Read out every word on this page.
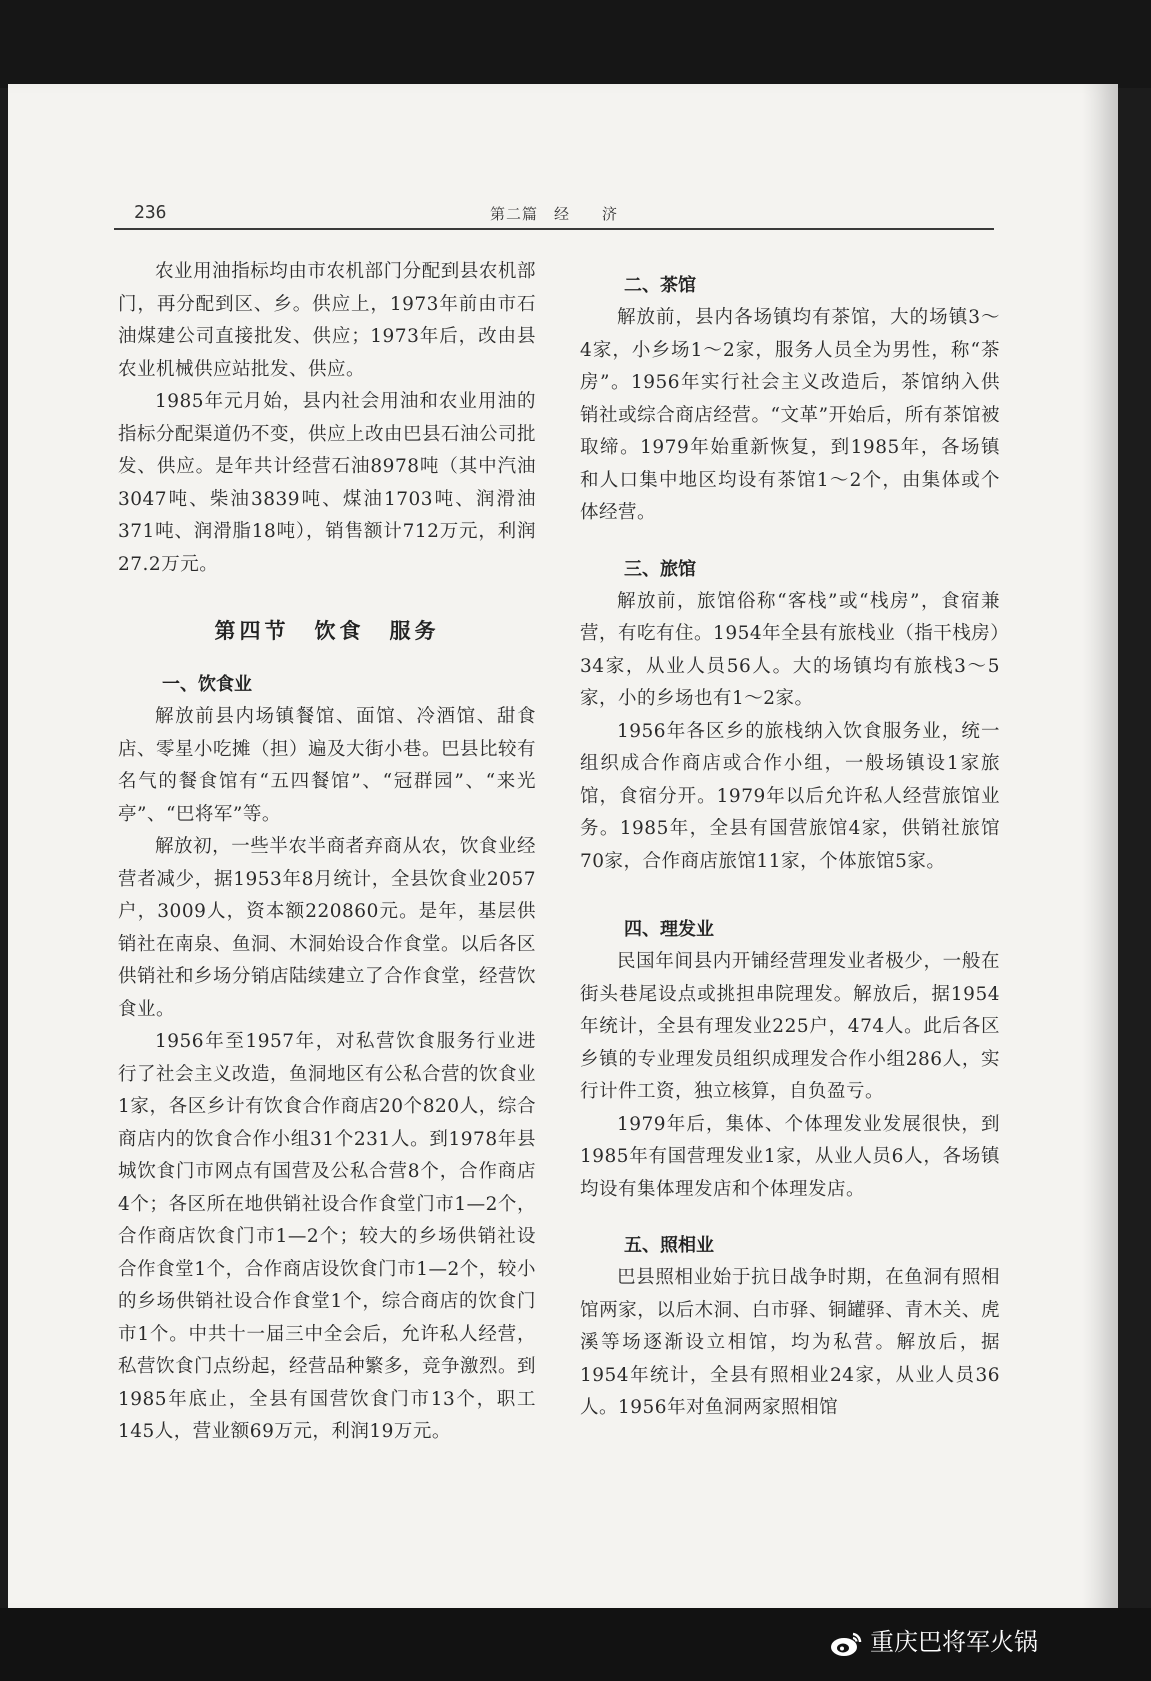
236	第二篇　经　　济

农业用油指标均由市农机部门分配到县农机部门，再分配到区、乡。供应上，1973年前由市石油煤建公司直接批发、供应；1973年后，改由县农业机械供应站批发、供应。

1985年元月始，县内社会用油和农业用油的指标分配渠道仍不变，供应上改由巴县石油公司批发、供应。是年共计经营石油8978吨（其中汽油3047吨、柴油3839吨、煤油1703吨、润滑油371吨、润滑脂18吨），销售额计712万元，利润27.2万元。

第四节　饮食　服务
一、饮食业

解放前县内场镇餐馆、面馆、冷酒馆、甜食店、零星小吃摊（担）遍及大街小巷。巴县比较有名气的餐食馆有“五四餐馆”、“冠群园”、“来光亭”、“巴将军”等。

解放初，一些半农半商者弃商从农，饮食业经营者减少，据1953年8月统计，全县饮食业2057户，3009人，资本额220860元。是年，基层供销社在南泉、鱼洞、木洞始设合作食堂。以后各区供销社和乡场分销店陆续建立了合作食堂，经营饮食业。

1956年至1957年，对私营饮食服务行业进行了社会主义改造，鱼洞地区有公私合营的饮食业1家，各区乡计有饮食合作商店20个820人，综合商店内的饮食合作小组31个231人。到1978年县城饮食门市网点有国营及公私合营8个，合作商店4个；各区所在地供销社设合作食堂门市1—2个，合作商店饮食门市1—2个；较大的乡场供销社设合作食堂1个，合作商店设饮食门市1—2个，较小的乡场供销社设合作食堂1个，综合商店的饮食门市1个。中共十一届三中全会后，允许私人经营，私营饮食门点纷起，经营品种繁多，竞争激烈。到1985年底止，全县有国营饮食门市13个，职工145人，营业额69万元，利润19万元。

二、茶馆

解放前，县内各场镇均有茶馆，大的场镇3～4家，小乡场1～2家，服务人员全为男性，称“茶房”。1956年实行社会主义改造后，茶馆纳入供销社或综合商店经营。“文革”开始后，所有茶馆被取缔。1979年始重新恢复，到1985年，各场镇和人口集中地区均设有茶馆1～2个，由集体或个体经营。

三、旅馆

解放前，旅馆俗称“客栈”或“栈房”，食宿兼营，有吃有住。1954年全县有旅栈业（指干栈房）34家，从业人员56人。大的场镇均有旅栈3～5家，小的乡场也有1～2家。

1956年各区乡的旅栈纳入饮食服务业，统一组织成合作商店或合作小组，一般场镇设1家旅馆，食宿分开。1979年以后允许私人经营旅馆业务。1985年，全县有国营旅馆4家，供销社旅馆70家，合作商店旅馆11家，个体旅馆5家。

四、理发业

民国年间县内开铺经营理发业者极少，一般在街头巷尾设点或挑担串院理发。解放后，据1954年统计，全县有理发业225户，474人。此后各区乡镇的专业理发员组织成理发合作小组286人，实行计件工资，独立核算，自负盈亏。

1979年后，集体、个体理发业发展很快，到1985年有国营理发业1家，从业人员6人，各场镇均设有集体理发店和个体理发店。

五、照相业

巴县照相业始于抗日战争时期，在鱼洞有照相馆两家，以后木洞、白市驿、铜罐驿、青木关、虎溪等场逐渐设立相馆，均为私营。解放后，据1954年统计，全县有照相业24家，从业人员36人。1956年对鱼洞两家照相馆

重庆巴将军火锅
